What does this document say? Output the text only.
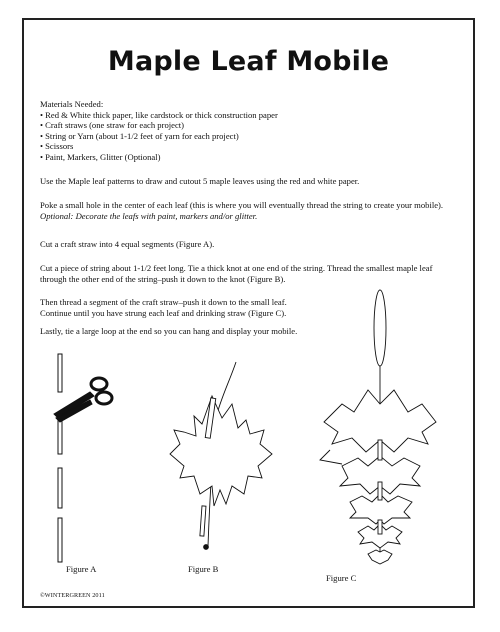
Maple Leaf Mobile

Materials Needed:

• Red & White thick paper, like cardstock or thick construction paper

• Craft straws (one straw for each project)

• String or Yarn (about 1-1/2 feet of yarn for each project)

• Scissors

• Paint, Markers, Glitter (Optional)

Use the Maple leaf patterns to draw and cutout 5 maple leaves using the red and white paper.

Poke a small hole in the center of each leaf (this is where you will eventually thread the string to create your mobile).

Optional: Decorate the leafs with paint, markers and/or glitter.

Cut a craft straw into 4 equal segments (Figure A).

Cut a piece of string about 1-1/2 feet long. Tie a thick knot at one end of the string. Thread the smallest maple leaf through the other end of the string–push it down to the knot (Figure B).

Then thread a segment of the craft straw–push it down to the small leaf.

Continue until you have strung each leaf and drinking straw (Figure C).

Lastly, tie a large loop at the end so you can hang and display your mobile.

Figure A	Figure B
Figure C
©WINTERGREEN 2011
